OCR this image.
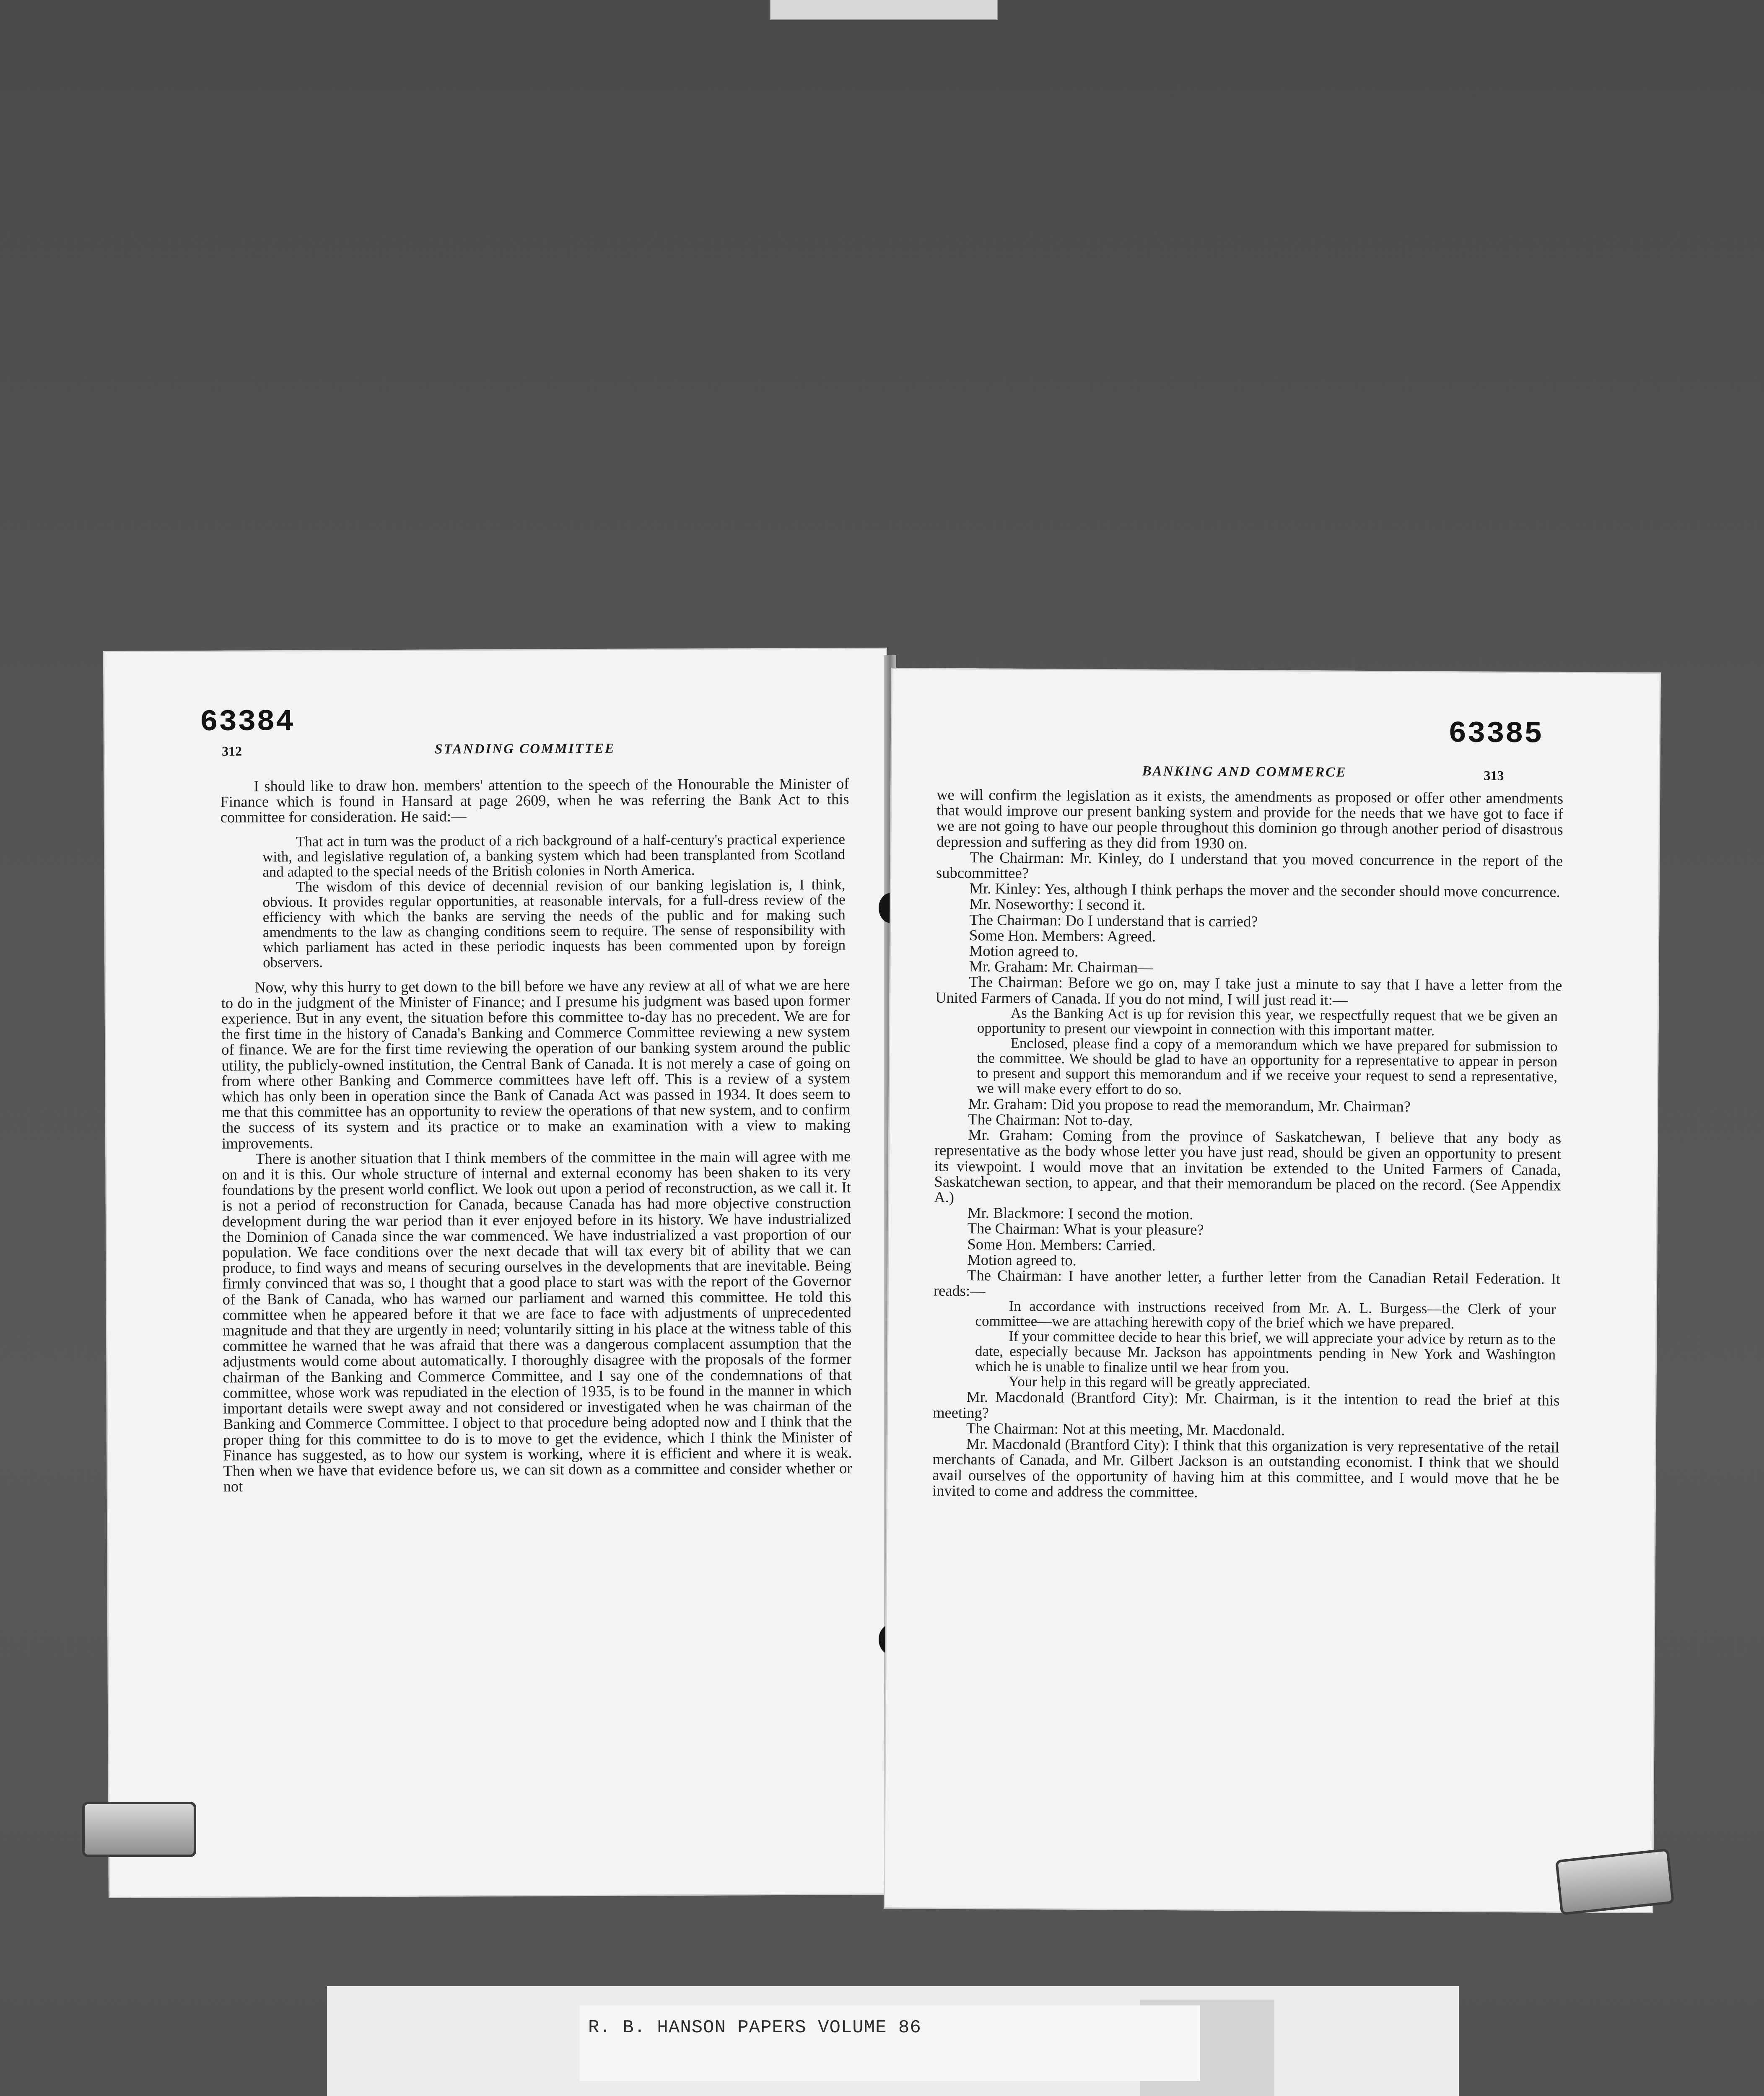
63384
312	STANDING COMMITTEE

I should like to draw hon. members' attention to the speech of the Honourable the Minister of Finance which is found in Hansard at page 2609, when he was referring the Bank Act to this committee for consideration. He said:—

That act in turn was the product of a rich background of a half-century's practical experience with, and legislative regulation of, a banking system which had been transplanted from Scotland and adapted to the special needs of the British colonies in North America.

The wisdom of this device of decennial revision of our banking legislation is, I think, obvious. It provides regular opportunities, at reasonable intervals, for a full-dress review of the efficiency with which the banks are serving the needs of the public and for making such amendments to the law as changing conditions seem to require. The sense of responsibility with which parliament has acted in these periodic inquests has been commented upon by foreign observers.

Now, why this hurry to get down to the bill before we have any review at all of what we are here to do in the judgment of the Minister of Finance; and I presume his judgment was based upon former experience. But in any event, the situation before this committee to-day has no precedent. We are for the first time in the history of Canada's Banking and Commerce Committee reviewing a new system of finance. We are for the first time reviewing the operation of our banking system around the public utility, the publicly-owned institution, the Central Bank of Canada. It is not merely a case of going on from where other Banking and Commerce committees have left off. This is a review of a system which has only been in operation since the Bank of Canada Act was passed in 1934. It does seem to me that this committee has an opportunity to review the operations of that new system, and to confirm the success of its system and its practice or to make an examination with a view to making improvements.

There is another situation that I think members of the committee in the main will agree with me on and it is this. Our whole structure of internal and external economy has been shaken to its very foundations by the present world conflict. We look out upon a period of reconstruction, as we call it. It is not a period of reconstruction for Canada, because Canada has had more objective construction development during the war period than it ever enjoyed before in its history. We have industrialized the Dominion of Canada since the war commenced. We have industrialized a vast proportion of our population. We face conditions over the next decade that will tax every bit of ability that we can produce, to find ways and means of securing ourselves in the developments that are inevitable. Being firmly convinced that was so, I thought that a good place to start was with the report of the Governor of the Bank of Canada, who has warned our parliament and warned this committee. He told this committee when he appeared before it that we are face to face with adjustments of unprecedented magnitude and that they are urgently in need; voluntarily sitting in his place at the witness table of this committee he warned that he was afraid that there was a dangerous complacent assumption that the adjustments would come about automatically. I thoroughly disagree with the proposals of the former chairman of the Banking and Commerce Committee, and I say one of the condemnations of that committee, whose work was repudiated in the election of 1935, is to be found in the manner in which important details were swept away and not considered or investigated when he was chairman of the Banking and Commerce Committee. I object to that procedure being adopted now and I think that the proper thing for this committee to do is to move to get the evidence, which I think the Minister of Finance has suggested, as to how our system is working, where it is efficient and where it is weak. Then when we have that evidence before us, we can sit down as a committee and consider whether or not

63385
BANKING AND COMMERCE	313

we will confirm the legislation as it exists, the amendments as proposed or offer other amendments that would improve our present banking system and provide for the needs that we have got to face if we are not going to have our people throughout this dominion go through another period of disastrous depression and suffering as they did from 1930 on.

The Chairman: Mr. Kinley, do I understand that you moved concurrence in the report of the subcommittee?

Mr. Kinley: Yes, although I think perhaps the mover and the seconder should move concurrence.

Mr. Noseworthy: I second it.

The Chairman: Do I understand that is carried?

Some Hon. Members: Agreed.

Motion agreed to.

Mr. Graham: Mr. Chairman—

The Chairman: Before we go on, may I take just a minute to say that I have a letter from the United Farmers of Canada. If you do not mind, I will just read it:—

As the Banking Act is up for revision this year, we respectfully request that we be given an opportunity to present our viewpoint in connection with this important matter.

Enclosed, please find a copy of a memorandum which we have prepared for submission to the committee. We should be glad to have an opportunity for a representative to appear in person to present and support this memorandum and if we receive your request to send a representative, we will make every effort to do so.

Mr. Graham: Did you propose to read the memorandum, Mr. Chairman?

The Chairman: Not to-day.

Mr. Graham: Coming from the province of Saskatchewan, I believe that any body as representative as the body whose letter you have just read, should be given an opportunity to present its viewpoint. I would move that an invitation be extended to the United Farmers of Canada, Saskatchewan section, to appear, and that their memorandum be placed on the record. (See Appendix A.)

Mr. Blackmore: I second the motion.

The Chairman: What is your pleasure?

Some Hon. Members: Carried.

Motion agreed to.

The Chairman: I have another letter, a further letter from the Canadian Retail Federation. It reads:—

In accordance with instructions received from Mr. A. L. Burgess—the Clerk of your committee—we are attaching herewith copy of the brief which we have prepared.

If your committee decide to hear this brief, we will appreciate your advice by return as to the date, especially because Mr. Jackson has appointments pending in New York and Washington which he is unable to finalize until we hear from you.

Your help in this regard will be greatly appreciated.

Mr. Macdonald (Brantford City): Mr. Chairman, is it the intention to read the brief at this meeting?

The Chairman: Not at this meeting, Mr. Macdonald.

Mr. Macdonald (Brantford City): I think that this organization is very representative of the retail merchants of Canada, and Mr. Gilbert Jackson is an outstanding economist. I think that we should avail ourselves of the opportunity of having him at this committee, and I would move that he be invited to come and address the committee.

R. B. HANSON PAPERS VOLUME 86
